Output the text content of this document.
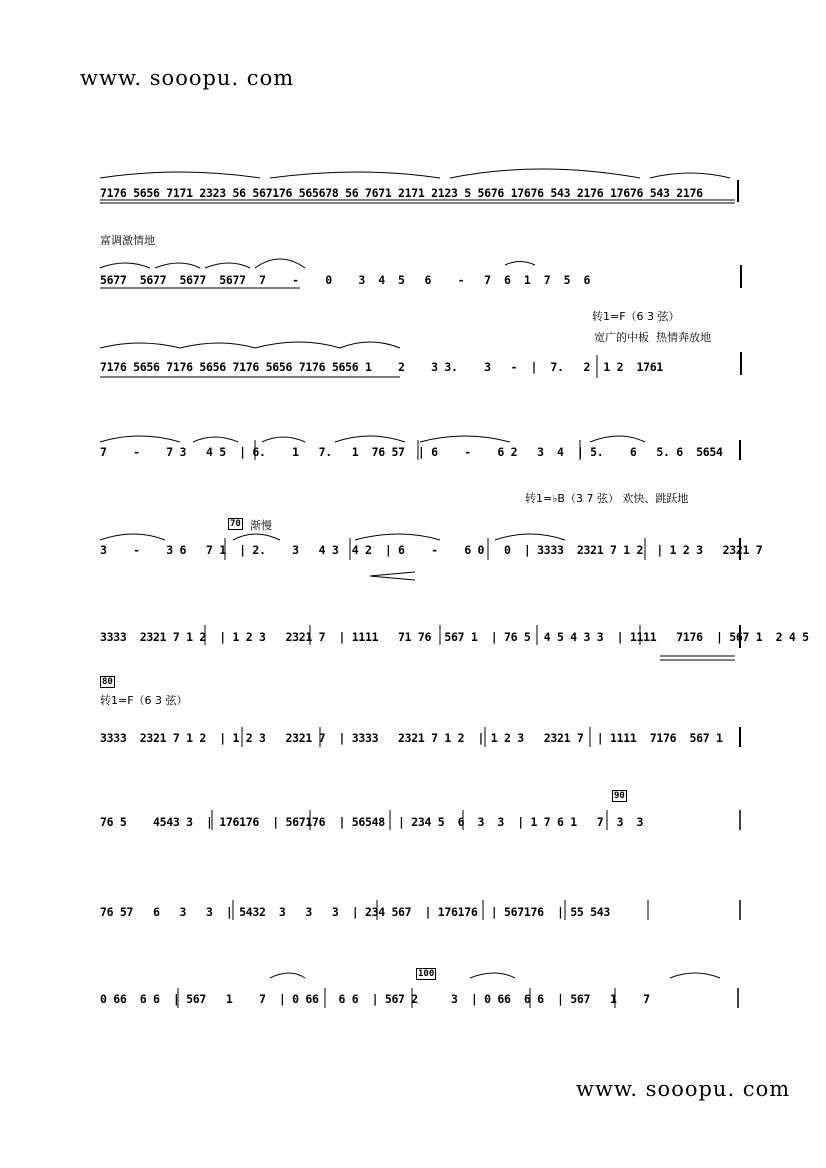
www. sooopu. com
富调激情地
转1=F（6 3 弦）
宽广的中板  热情奔放地
70 渐慢
转1=♭B（3 7 弦） 欢快、跳跃地
80
转1=F（6 3 弦）
90
100
7176 5656 7171 2323 56 567176 565678 56 7671 2171 2123 5 5676 17676 543 2176 17676 543 2176
5677  5677  5677  5677  7    -    0    3  4  5   6    -   7  6  1  7  5  6
7176 5656 7176 5656 7176 5656 7176 5656 1    2    3 3.    3   -  |  7.   2  1 2  1761
7    -    7 3   4 5  | 6.    1   7.   1  76 57  | 6    -    6 2   3  4  | 5.    6   5. 6  5654
3    -    3 6   7 1  | 2.    3   4 3  4 2  | 6    -    6 0   0  | 3333  2321 7 1 2  | 1 2 3   2321 7
3333  2321 7 1 2  | 1 2 3   2321 7  | 1111   71 76  567 1  | 76 5  4 5 4 3 3  | 1111   7176  | 567 1  2 4 5
3333  2321 7 1 2  | 1 2 3   2321 7  | 3333   2321 7 1 2  | 1 2 3   2321 7  | 1111  7176  567 1
76 5    4543 3  | 176176  | 567176  | 56548  | 234 5  6  3  3  | 1 7 6 1   7  3  3
76 57   6   3   3  | 5432  3   3   3  | 234 567  | 176176  | 567176  | 55 543
0 66  6 6  | 567   1    7  | 0 66   6 6  | 567 2     3  | 0 66  6 6  | 567   1    7
www. sooopu. com
